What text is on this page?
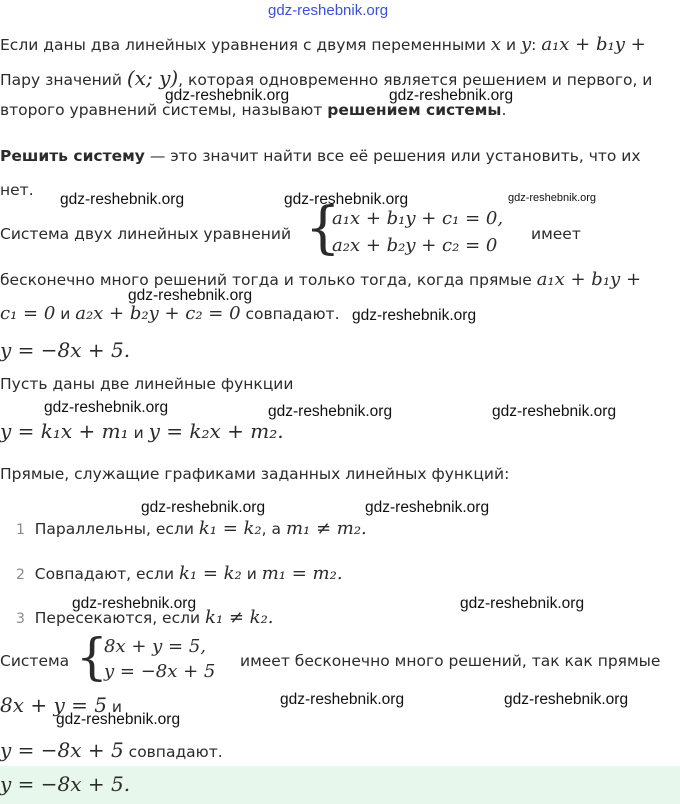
gdz-reshebnik.org
Если даны два линейных уравнения с двумя переменными x и y: a₁x + b₁y +
Пару значений (x; y), которая одновременно является решением и первого, и
gdz-reshebnik.org	gdz-reshebnik.org
второго уравнений системы, называют решением системы.
Решить систему — это значит найти все её решения или установить, что их
нет.
gdz-reshebnik.org	gdz-reshebnik.org	gdz-reshebnik.org
Система двух линейных уравнений {
a₁x + b₁y + c₁ = 0,
a₂x + b₂y + c₂ = 0
имеет
бесконечно много решений тогда и только тогда, когда прямые a₁x + b₁y +
gdz-reshebnik.org
c₁ = 0 и a₂x + b₂y + c₂ = 0 совпадают. gdz-reshebnik.org
y = −8x + 5.
Пусть даны две линейные функции
gdz-reshebnik.org	gdz-reshebnik.org	gdz-reshebnik.org
y = k₁x + m₁ и y = k₂x + m₂.
Прямые, служащие графиками заданных линейных функций:
gdz-reshebnik.org	gdz-reshebnik.org
1 Параллельны, если k₁ = k₂, а m₁ ≠ m₂.
2 Совпадают, если k₁ = k₂ и m₁ = m₂.
gdz-reshebnik.org	gdz-reshebnik.org
3 Пересекаются, если k₁ ≠ k₂.
Система {
8x + y = 5,
y = −8x + 5 имеет бесконечно много решений, так как прямые
8x + y = 5 и	gdz-reshebnik.org	gdz-reshebnik.org
gdz-reshebnik.org
y = −8x + 5 совпадают.
y = −8x + 5.
